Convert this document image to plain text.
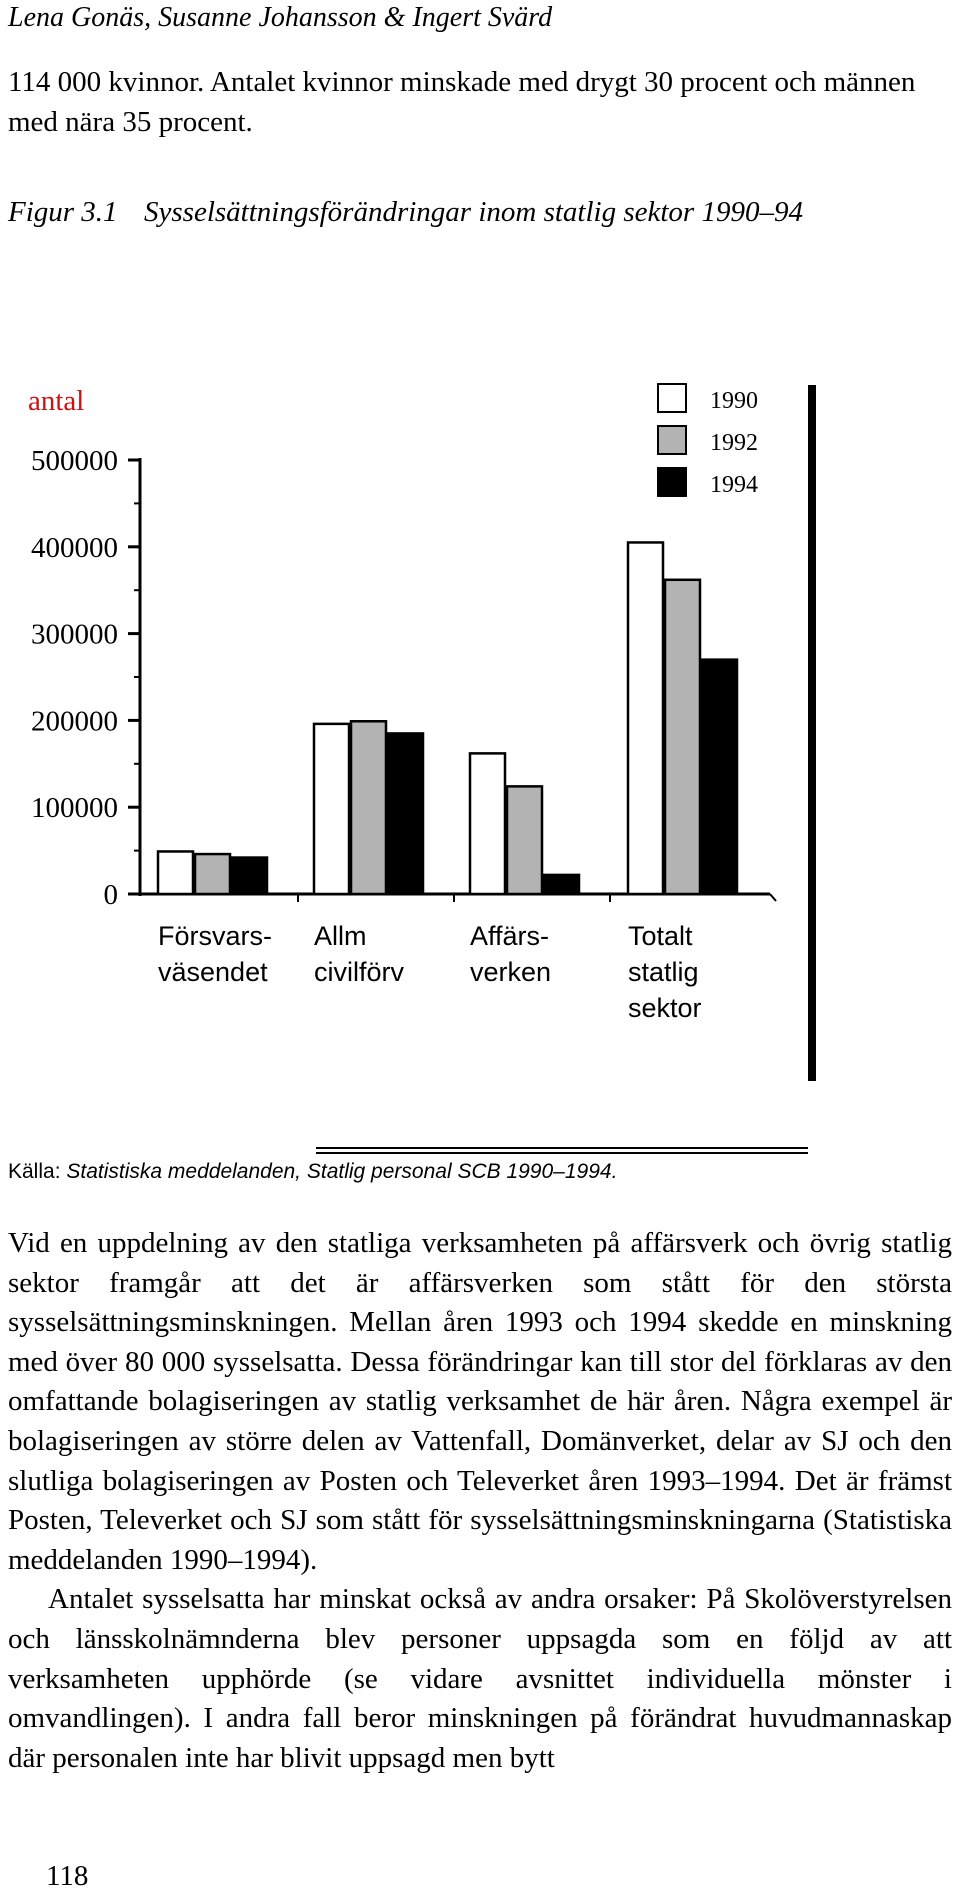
Lena Gonäs, Susanne Johansson & Ingert Svärd
114 000 kvinnor. Antalet kvinnor minskade med drygt 30 procent och männen med nära 35 procent.
Figur 3.1 Sysselsättningsförändringar inom statlig sektor 1990–94
antal
0
100000
200000
300000
400000
500000
Försvars-
väsendet
Allm
civilförv
Affärs-
verken
Totalt
statlig
sektor
1990
1992
1994
Källa: Statistiska meddelanden, Statlig personal SCB 1990–1994.

Vid en uppdelning av den statliga verksamheten på affärsverk och övrig statlig sektor framgår att det är affärsverken som stått för den största sysselsättningsminskningen. Mellan åren 1993 och 1994 skedde en minskning med över 80 000 sysselsatta. Dessa förändringar kan till stor del förklaras av den omfattande bolagiseringen av statlig verksamhet de här åren. Några exempel är bolagiseringen av större delen av Vattenfall, Domänverket, delar av SJ och den slutliga bolagiseringen av Posten och Televerket åren 1993–1994. Det är främst Posten, Televerket och SJ som stått för sysselsättningsminskningarna (Statistiska meddelanden 1990–1994).

Antalet sysselsatta har minskat också av andra orsaker: På Skolöverstyrelsen och länsskolnämnderna blev personer uppsagda som en följd av att verksamheten upphörde (se vidare avsnittet individuella mönster i omvandlingen). I andra fall beror minskningen på förändrat huvudmannaskap där personalen inte har blivit uppsagd men bytt

118
